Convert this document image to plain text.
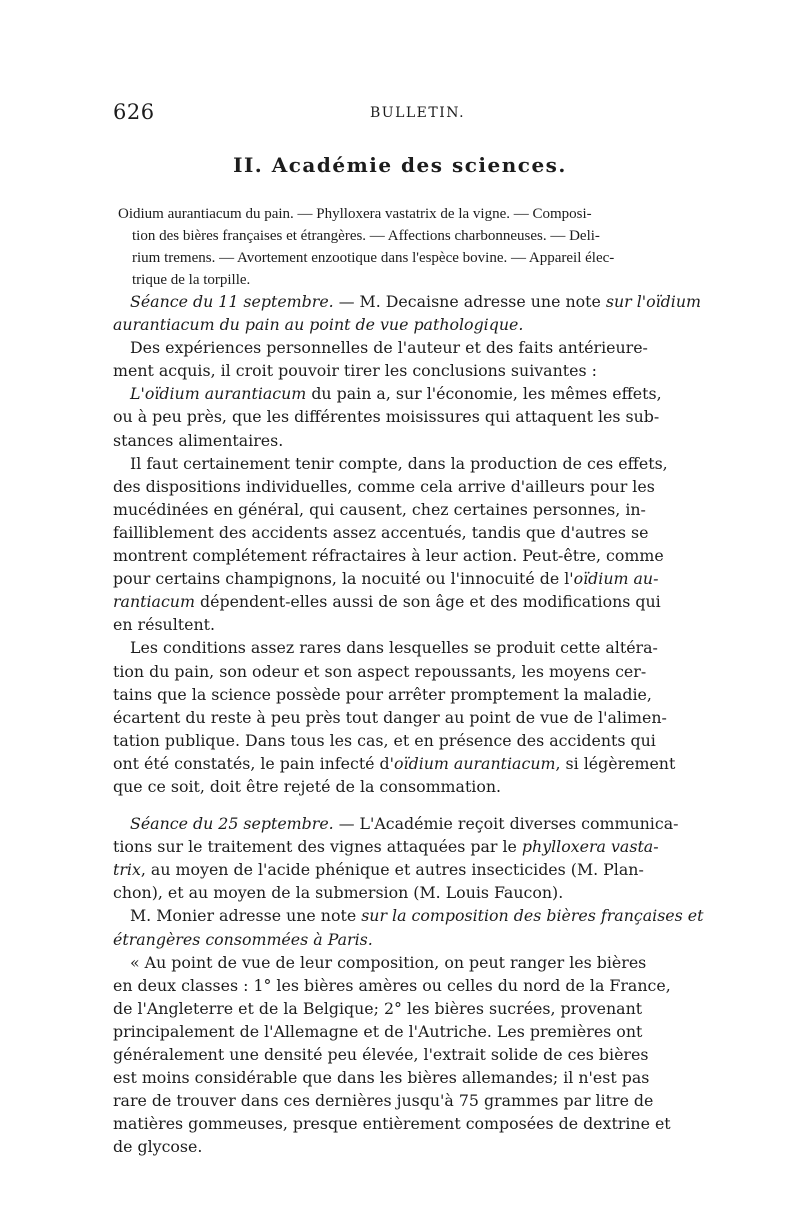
626	BULLETIN.
II. Académie des sciences.
Oidium aurantiacum du pain. — Phylloxera vastatrix de la vigne. — Composi-
tion des bières françaises et étrangères. — Affections charbonneuses. — Deli-
rium tremens. — Avortement enzootique dans l'espèce bovine. — Appareil élec-
trique de la torpille.
Séance du 11 septembre. — M. Decaisne adresse une note sur l'oïdium
aurantiacum du pain au point de vue pathologique.
Des expériences personnelles de l'auteur et des faits antérieure-
ment acquis, il croit pouvoir tirer les conclusions suivantes :
L'oïdium aurantiacum du pain a, sur l'économie, les mêmes effets,
ou à peu près, que les différentes moisissures qui attaquent les sub-
stances alimentaires.
Il faut certainement tenir compte, dans la production de ces effets,
des dispositions individuelles, comme cela arrive d'ailleurs pour les
mucédinées en général, qui causent, chez certaines personnes, in-
failliblement des accidents assez accentués, tandis que d'autres se
montrent complétement réfractaires à leur action. Peut-être, comme
pour certains champignons, la nocuité ou l'innocuité de l'oïdium au-
rantiacum dépendent-elles aussi de son âge et des modifications qui
en résultent.
Les conditions assez rares dans lesquelles se produit cette altéra-
tion du pain, son odeur et son aspect repoussants, les moyens cer-
tains que la science possède pour arrêter promptement la maladie,
écartent du reste à peu près tout danger au point de vue de l'alimen-
tation publique. Dans tous les cas, et en présence des accidents qui
ont été constatés, le pain infecté d'oïdium aurantiacum, si légèrement
que ce soit, doit être rejeté de la consommation.
Séance du 25 septembre. — L'Académie reçoit diverses communica-
tions sur le traitement des vignes attaquées par le phylloxera vasta-
trix, au moyen de l'acide phénique et autres insecticides (M. Plan-
chon), et au moyen de la submersion (M. Louis Faucon).
M. Monier adresse une note sur la composition des bières françaises et
étrangères consommées à Paris.
« Au point de vue de leur composition, on peut ranger les bières
en deux classes : 1° les bières amères ou celles du nord de la France,
de l'Angleterre et de la Belgique; 2° les bières sucrées, provenant
principalement de l'Allemagne et de l'Autriche. Les premières ont
généralement une densité peu élevée, l'extrait solide de ces bières
est moins considérable que dans les bières allemandes; il n'est pas
rare de trouver dans ces dernières jusqu'à 75 grammes par litre de
matières gommeuses, presque entièrement composées de dextrine et
de glycose.
